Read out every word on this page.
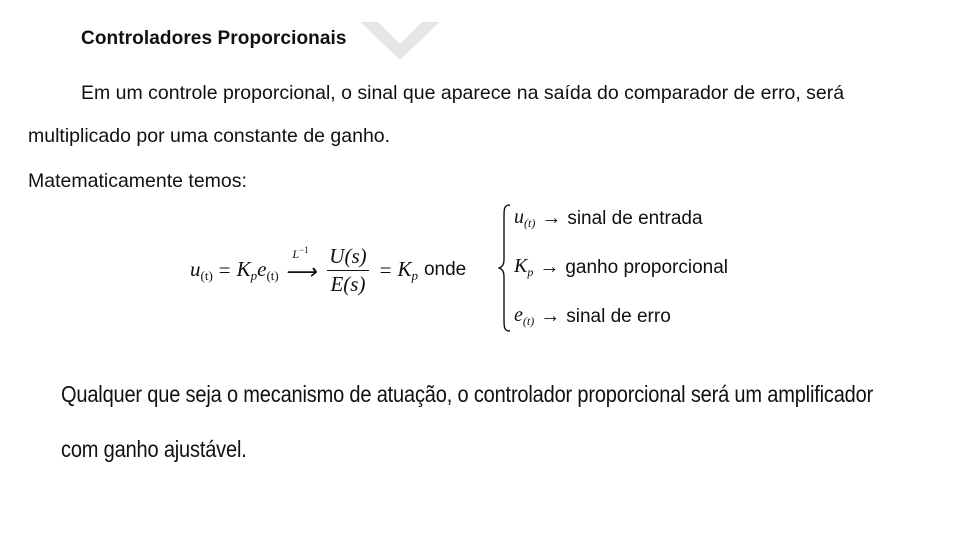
Controladores Proporcionais
Em um controle proporcional, o sinal que aparece na saída do comparador de erro, será
multiplicado por uma constante de ganho.
Matematicamente temos:
$u_{(t)} = K_p$ $e_{(t)}$
$L^{-1}$
⟶ $\frac{U(s)}{E(s)} = K_p$ onde
$u_{(t)}$ → sinal de entrada
$K_p$ → ganho proporcional
$e_{(t)}$ → sinal de erro
Qualquer que seja o mecanismo de atuação, o controlador proporcional será um amplificador
com ganho ajustável.
